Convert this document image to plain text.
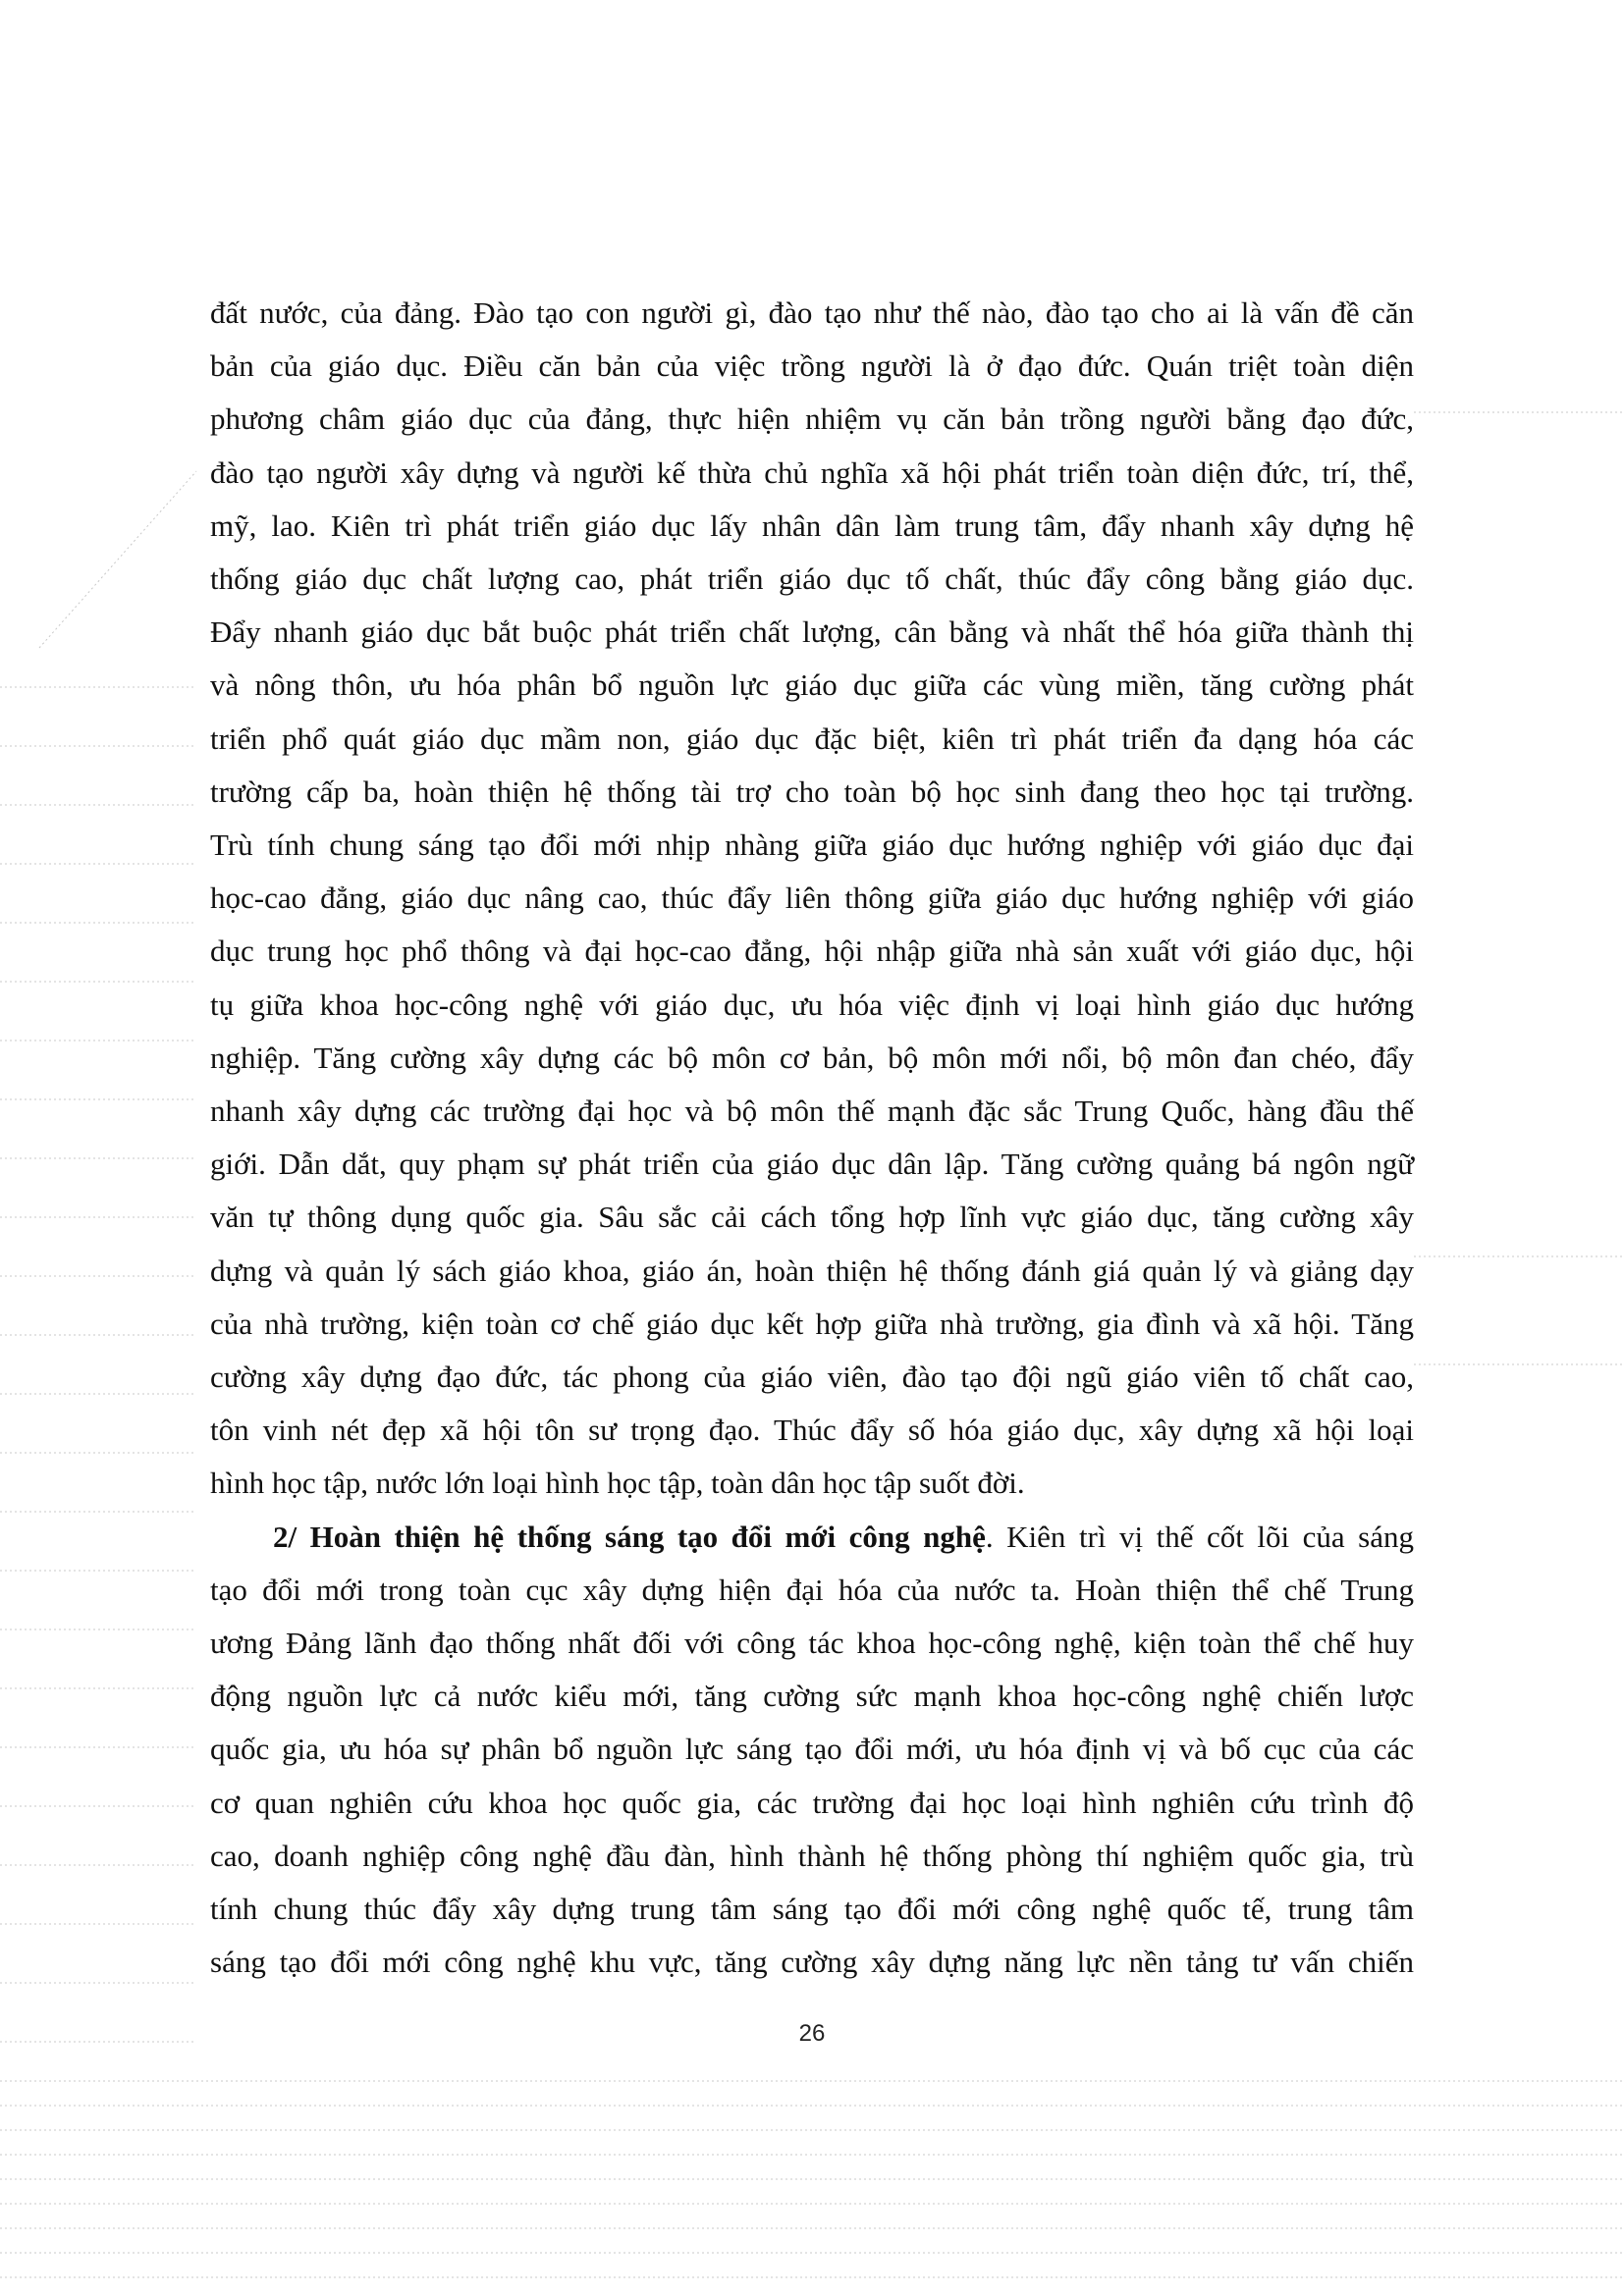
đất nước, của đảng. Đào tạo con người gì, đào tạo như thế nào, đào tạo cho ai là vấn đề căn
bản của giáo dục. Điều căn bản của việc trồng người là ở đạo đức. Quán triệt toàn diện
phương châm giáo dục của đảng, thực hiện nhiệm vụ căn bản trồng người bằng đạo đức,
đào tạo người xây dựng và người kế thừa chủ nghĩa xã hội phát triển toàn diện đức, trí, thể,
mỹ, lao. Kiên trì phát triển giáo dục lấy nhân dân làm trung tâm, đẩy nhanh xây dựng hệ
thống giáo dục chất lượng cao, phát triển giáo dục tố chất, thúc đẩy công bằng giáo dục.
Đẩy nhanh giáo dục bắt buộc phát triển chất lượng, cân bằng và nhất thể hóa giữa thành thị
và nông thôn, ưu hóa phân bổ nguồn lực giáo dục giữa các vùng miền, tăng cường phát
triển phổ quát giáo dục mầm non, giáo dục đặc biệt, kiên trì phát triển đa dạng hóa các
trường cấp ba, hoàn thiện hệ thống tài trợ cho toàn bộ học sinh đang theo học tại trường.
Trù tính chung sáng tạo đổi mới nhịp nhàng giữa giáo dục hướng nghiệp với giáo dục đại
học-cao đẳng, giáo dục nâng cao, thúc đẩy liên thông giữa giáo dục hướng nghiệp với giáo
dục trung học phổ thông và đại học-cao đẳng, hội nhập giữa nhà sản xuất với giáo dục, hội
tụ giữa khoa học-công nghệ với giáo dục, ưu hóa việc định vị loại hình giáo dục hướng
nghiệp. Tăng cường xây dựng các bộ môn cơ bản, bộ môn mới nổi, bộ môn đan chéo, đẩy
nhanh xây dựng các trường đại học và bộ môn thế mạnh đặc sắc Trung Quốc, hàng đầu thế
giới. Dẫn dắt, quy phạm sự phát triển của giáo dục dân lập. Tăng cường quảng bá ngôn ngữ
văn tự thông dụng quốc gia. Sâu sắc cải cách tổng hợp lĩnh vực giáo dục, tăng cường xây
dựng và quản lý sách giáo khoa, giáo án, hoàn thiện hệ thống đánh giá quản lý và giảng dạy
của nhà trường, kiện toàn cơ chế giáo dục kết hợp giữa nhà trường, gia đình và xã hội. Tăng
cường xây dựng đạo đức, tác phong của giáo viên, đào tạo đội ngũ giáo viên tố chất cao,
tôn vinh nét đẹp xã hội tôn sư trọng đạo. Thúc đẩy số hóa giáo dục, xây dựng xã hội loại
hình học tập, nước lớn loại hình học tập, toàn dân học tập suốt đời.
2/ Hoàn thiện hệ thống sáng tạo đổi mới công nghệ. Kiên trì vị thế cốt lõi của sáng
tạo đổi mới trong toàn cục xây dựng hiện đại hóa của nước ta. Hoàn thiện thể chế Trung
ương Đảng lãnh đạo thống nhất đối với công tác khoa học-công nghệ, kiện toàn thể chế huy
động nguồn lực cả nước kiểu mới, tăng cường sức mạnh khoa học-công nghệ chiến lược
quốc gia, ưu hóa sự phân bổ nguồn lực sáng tạo đổi mới, ưu hóa định vị và bố cục của các
cơ quan nghiên cứu khoa học quốc gia, các trường đại học loại hình nghiên cứu trình độ
cao, doanh nghiệp công nghệ đầu đàn, hình thành hệ thống phòng thí nghiệm quốc gia, trù
tính chung thúc đẩy xây dựng trung tâm sáng tạo đổi mới công nghệ quốc tế, trung tâm
sáng tạo đổi mới công nghệ khu vực, tăng cường xây dựng năng lực nền tảng tư vấn chiến
26
